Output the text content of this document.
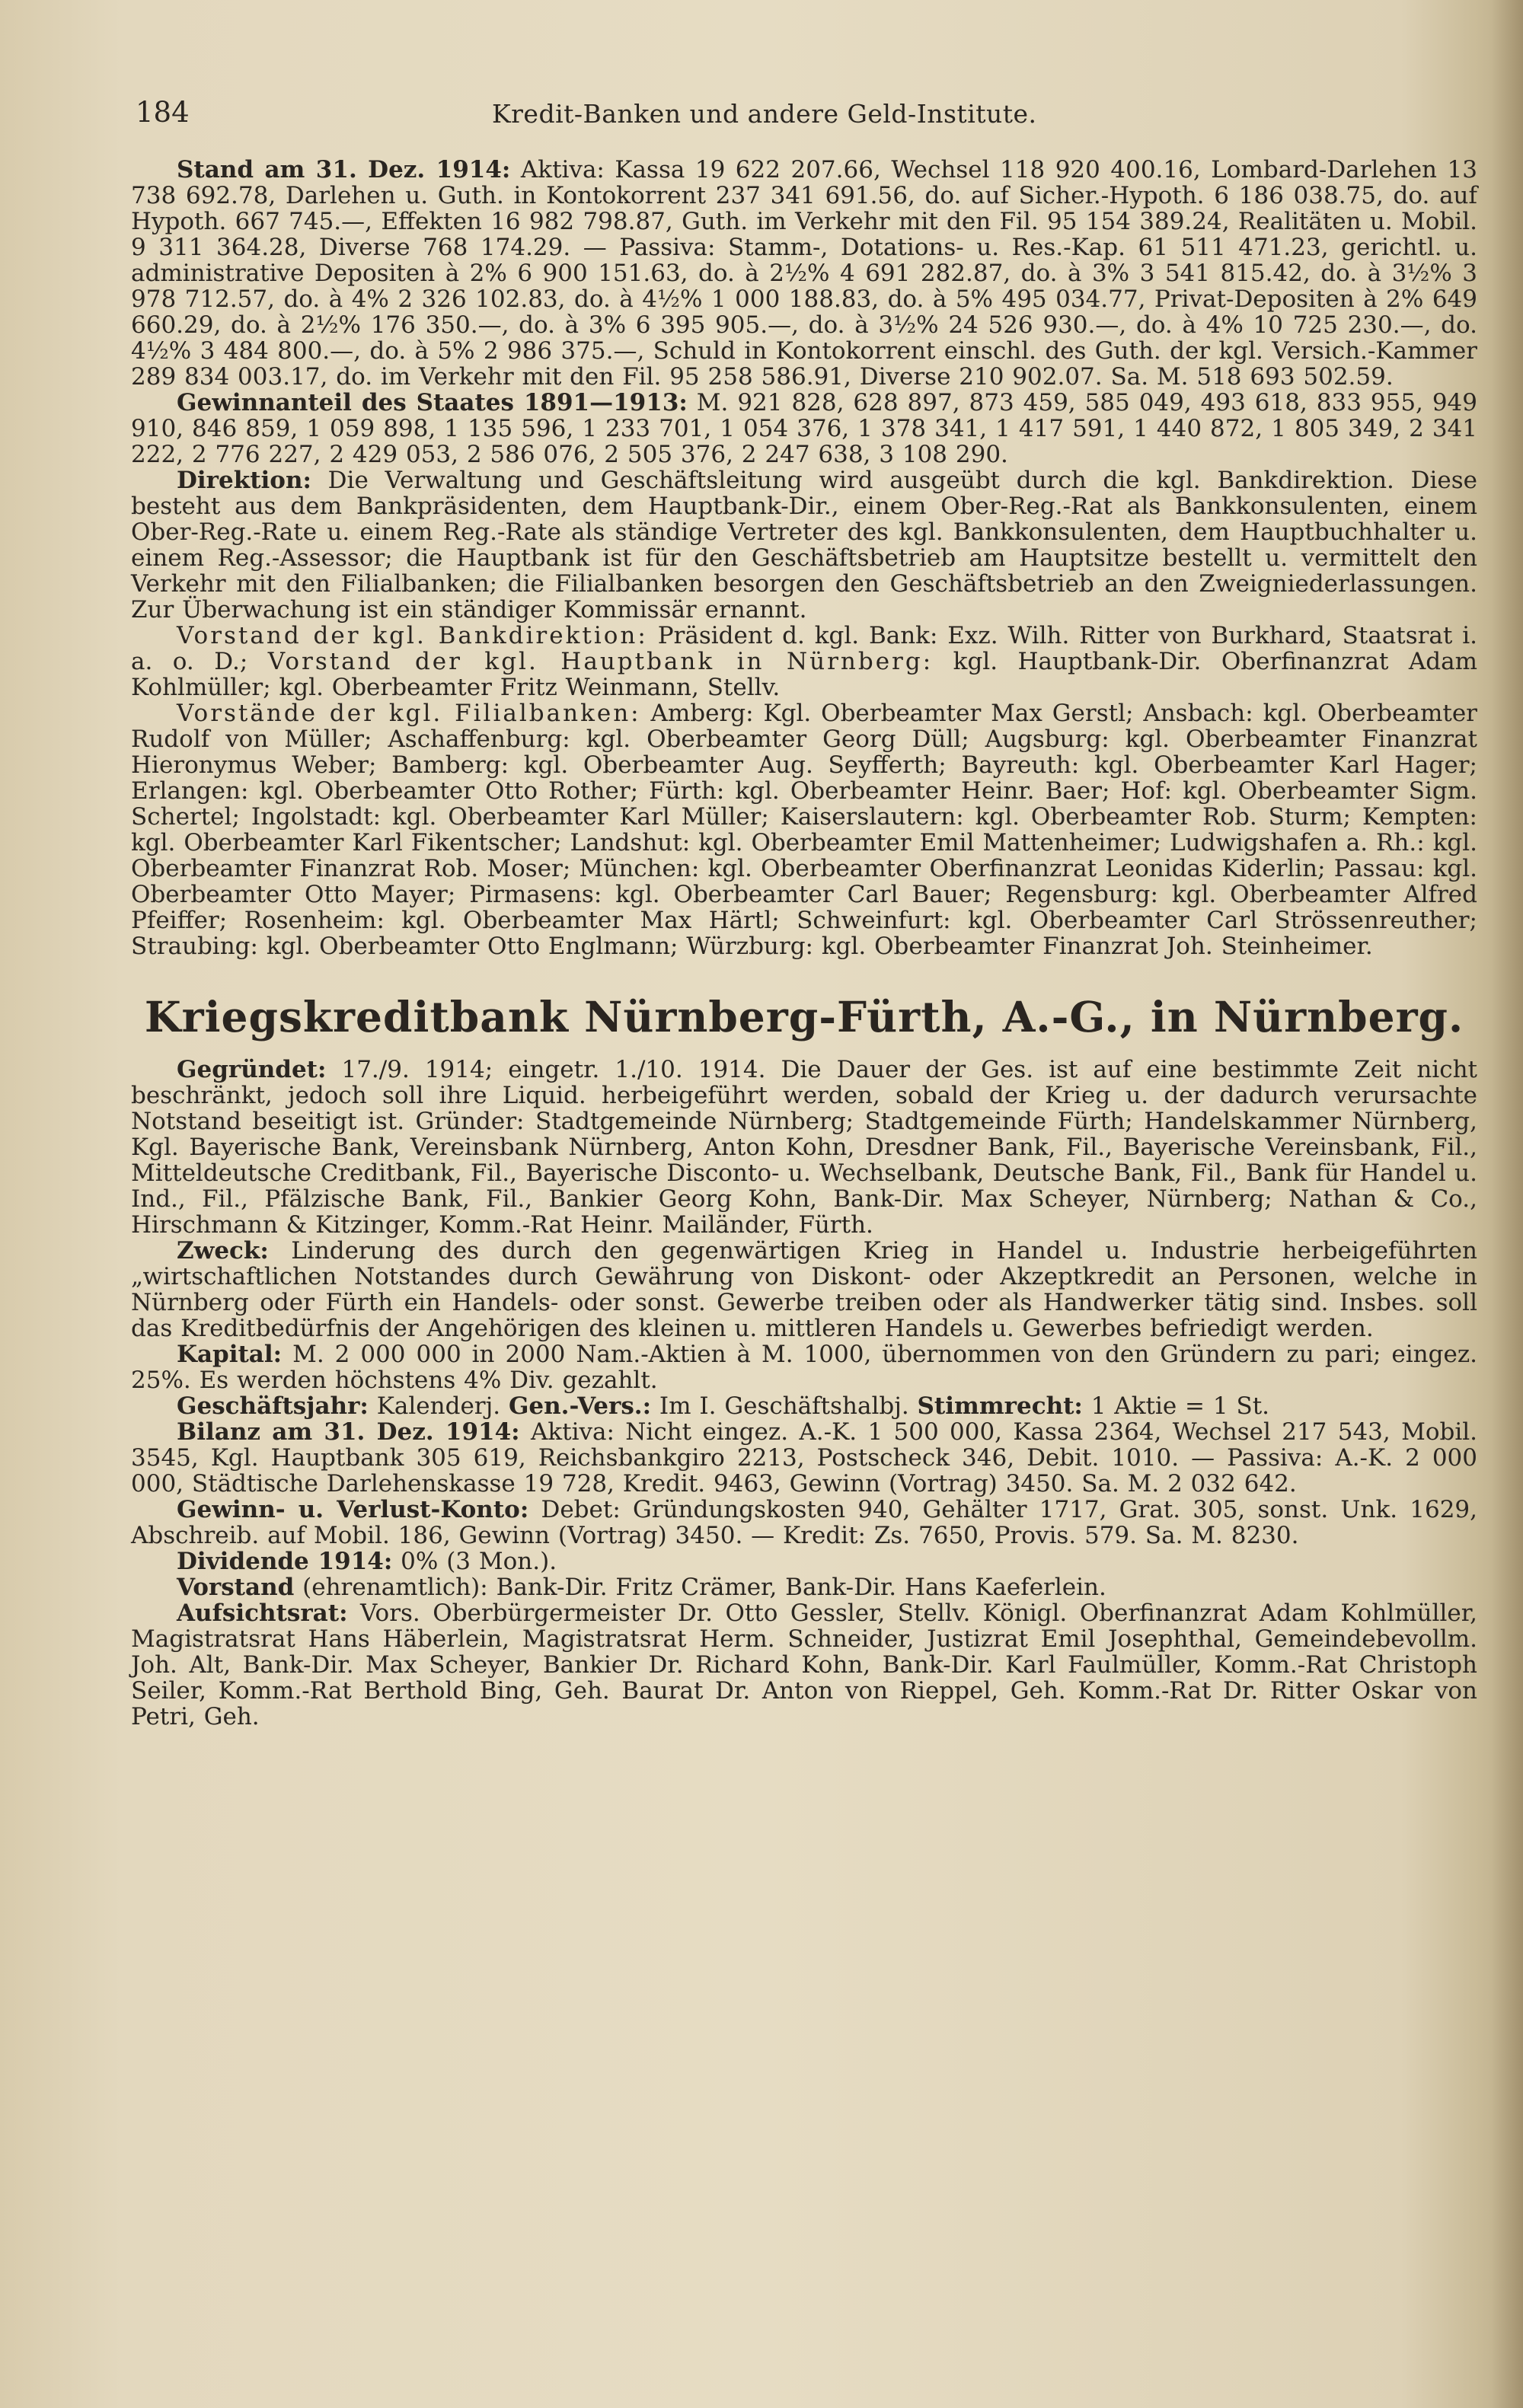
184	Kredit-Banken und andere Geld-Institute.

Stand am 31. Dez. 1914: Aktiva: Kassa 19 622 207.66, Wechsel 118 920 400.16, Lombard-Darlehen 13 738 692.78, Darlehen u. Guth. in Kontokorrent 237 341 691.56, do. auf Sicher.-Hypoth. 6 186 038.75, do. auf Hypoth. 667 745.—, Effekten 16 982 798.87, Guth. im Verkehr mit den Fil. 95 154 389.24, Realitäten u. Mobil. 9 311 364.28, Diverse 768 174.29. — Passiva: Stamm-, Dotations- u. Res.-Kap. 61 511 471.23, gerichtl. u. administrative Depositen à 2% 6 900 151.63, do. à 2½% 4 691 282.87, do. à 3% 3 541 815.42, do. à 3½% 3 978 712.57, do. à 4% 2 326 102.83, do. à 4½% 1 000 188.83, do. à 5% 495 034.77, Privat-Depositen à 2% 649 660.29, do. à 2½% 176 350.—, do. à 3% 6 395 905.—, do. à 3½% 24 526 930.—, do. à 4% 10 725 230.—, do. 4½% 3 484 800.—, do. à 5% 2 986 375.—, Schuld in Kontokorrent einschl. des Guth. der kgl. Versich.-Kammer 289 834 003.17, do. im Verkehr mit den Fil. 95 258 586.91, Diverse 210 902.07. Sa. M. 518 693 502.59.

Gewinnanteil des Staates 1891—1913: M. 921 828, 628 897, 873 459, 585 049, 493 618, 833 955, 949 910, 846 859, 1 059 898, 1 135 596, 1 233 701, 1 054 376, 1 378 341, 1 417 591, 1 440 872, 1 805 349, 2 341 222, 2 776 227, 2 429 053, 2 586 076, 2 505 376, 2 247 638, 3 108 290.

Direktion: Die Verwaltung und Geschäftsleitung wird ausgeübt durch die kgl. Bankdirektion. Diese besteht aus dem Bankpräsidenten, dem Hauptbank-Dir., einem Ober-Reg.-Rat als Bankkonsulenten, einem Ober-Reg.-Rate u. einem Reg.-Rate als ständige Vertreter des kgl. Bankkonsulenten, dem Hauptbuchhalter u. einem Reg.-Assessor; die Hauptbank ist für den Geschäftsbetrieb am Hauptsitze bestellt u. vermittelt den Verkehr mit den Filialbanken; die Filialbanken besorgen den Geschäftsbetrieb an den Zweigniederlassungen. Zur Überwachung ist ein ständiger Kommissär ernannt.

Vorstand der kgl. Bankdirektion: Präsident d. kgl. Bank: Exz. Wilh. Ritter von Burkhard, Staatsrat i. a. o. D.; Vorstand der kgl. Hauptbank in Nürnberg: kgl. Hauptbank-Dir. Oberfinanzrat Adam Kohlmüller; kgl. Oberbeamter Fritz Weinmann, Stellv.

Vorstände der kgl. Filialbanken: Amberg: Kgl. Oberbeamter Max Gerstl; Ansbach: kgl. Oberbeamter Rudolf von Müller; Aschaffenburg: kgl. Oberbeamter Georg Düll; Augsburg: kgl. Oberbeamter Finanzrat Hieronymus Weber; Bamberg: kgl. Oberbeamter Aug. Seyfferth; Bayreuth: kgl. Oberbeamter Karl Hager; Erlangen: kgl. Oberbeamter Otto Rother; Fürth: kgl. Oberbeamter Heinr. Baer; Hof: kgl. Oberbeamter Sigm. Schertel; Ingolstadt: kgl. Oberbeamter Karl Müller; Kaiserslautern: kgl. Oberbeamter Rob. Sturm; Kempten: kgl. Oberbeamter Karl Fikentscher; Landshut: kgl. Oberbeamter Emil Mattenheimer; Ludwigshafen a. Rh.: kgl. Oberbeamter Finanzrat Rob. Moser; München: kgl. Oberbeamter Oberfinanzrat Leonidas Kiderlin; Passau: kgl. Oberbeamter Otto Mayer; Pirmasens: kgl. Oberbeamter Carl Bauer; Regensburg: kgl. Oberbeamter Alfred Pfeiffer; Rosenheim: kgl. Oberbeamter Max Härtl; Schweinfurt: kgl. Oberbeamter Carl Strössenreuther; Straubing: kgl. Oberbeamter Otto Englmann; Würzburg: kgl. Oberbeamter Finanzrat Joh. Steinheimer.

Kriegskreditbank Nürnberg-Fürth, A.-G., in Nürnberg.

Gegründet: 17./9. 1914; eingetr. 1./10. 1914. Die Dauer der Ges. ist auf eine bestimmte Zeit nicht beschränkt, jedoch soll ihre Liquid. herbeigeführt werden, sobald der Krieg u. der dadurch verursachte Notstand beseitigt ist. Gründer: Stadtgemeinde Nürnberg; Stadtgemeinde Fürth; Handelskammer Nürnberg, Kgl. Bayerische Bank, Vereinsbank Nürnberg, Anton Kohn, Dresdner Bank, Fil., Bayerische Vereinsbank, Fil., Mitteldeutsche Creditbank, Fil., Bayerische Disconto- u. Wechselbank, Deutsche Bank, Fil., Bank für Handel u. Ind., Fil., Pfälzische Bank, Fil., Bankier Georg Kohn, Bank-Dir. Max Scheyer, Nürnberg; Nathan & Co., Hirschmann & Kitzinger, Komm.-Rat Heinr. Mailänder, Fürth.

Zweck: Linderung des durch den gegenwärtigen Krieg in Handel u. Industrie herbeigeführten „wirtschaftlichen Notstandes durch Gewährung von Diskont- oder Akzeptkredit an Personen, welche in Nürnberg oder Fürth ein Handels- oder sonst. Gewerbe treiben oder als Handwerker tätig sind. Insbes. soll das Kreditbedürfnis der Angehörigen des kleinen u. mittleren Handels u. Gewerbes befriedigt werden.

Kapital: M. 2 000 000 in 2000 Nam.-Aktien à M. 1000, übernommen von den Gründern zu pari; eingez. 25%. Es werden höchstens 4% Div. gezahlt.

Geschäftsjahr: Kalenderj. Gen.-Vers.: Im I. Geschäftshalbj. Stimmrecht: 1 Aktie = 1 St.

Bilanz am 31. Dez. 1914: Aktiva: Nicht eingez. A.-K. 1 500 000, Kassa 2364, Wechsel 217 543, Mobil. 3545, Kgl. Hauptbank 305 619, Reichsbankgiro 2213, Postscheck 346, Debit. 1010. — Passiva: A.-K. 2 000 000, Städtische Darlehenskasse 19 728, Kredit. 9463, Gewinn (Vortrag) 3450. Sa. M. 2 032 642.

Gewinn- u. Verlust-Konto: Debet: Gründungskosten 940, Gehälter 1717, Grat. 305, sonst. Unk. 1629, Abschreib. auf Mobil. 186, Gewinn (Vortrag) 3450. — Kredit: Zs. 7650, Provis. 579. Sa. M. 8230.

Dividende 1914: 0% (3 Mon.).

Vorstand (ehrenamtlich): Bank-Dir. Fritz Crämer, Bank-Dir. Hans Kaeferlein.

Aufsichtsrat: Vors. Oberbürgermeister Dr. Otto Gessler, Stellv. Königl. Oberfinanzrat Adam Kohlmüller, Magistratsrat Hans Häberlein, Magistratsrat Herm. Schneider, Justizrat Emil Josephthal, Gemeindebevollm. Joh. Alt, Bank-Dir. Max Scheyer, Bankier Dr. Richard Kohn, Bank-Dir. Karl Faulmüller, Komm.-Rat Christoph Seiler, Komm.-Rat Berthold Bing, Geh. Baurat Dr. Anton von Rieppel, Geh. Komm.-Rat Dr. Ritter Oskar von Petri, Geh.
